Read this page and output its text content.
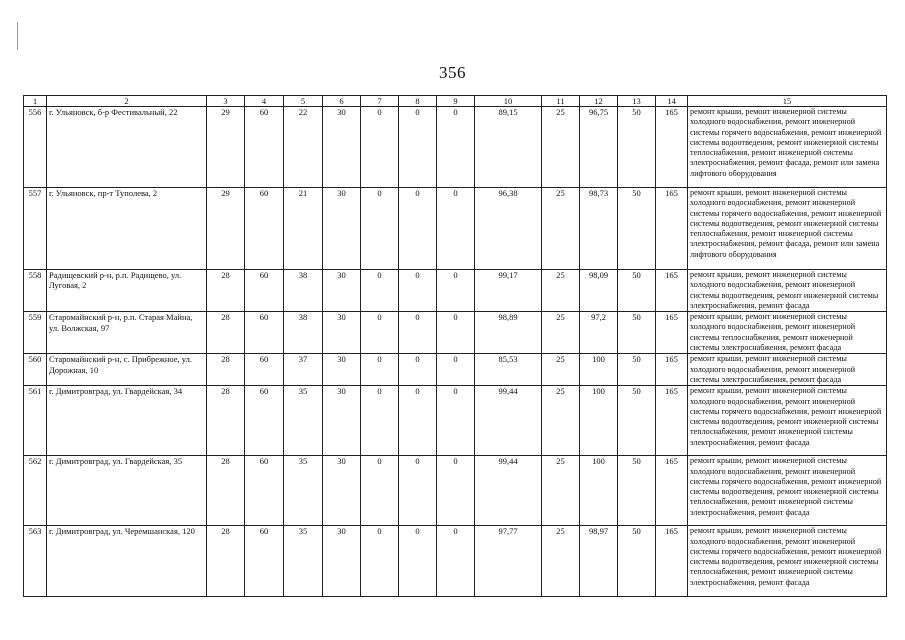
356
1	2	3	4	5	6	7	8	9	10	11	12	13	14	15
556	г. Ульяновск, б-р Фестивальный, 22	29	60	22	30	0	0	0	89,15	25	96,75	50	165	ремонт крыши, ремонт инженерной системы холодного водоснабжения, ремонт инженерной системы горячего водоснабжения, ремонт инженерной системы водоотведения, ремонт инженерной системы теплоснабжения, ремонт инженерной системы электроснабжения, ремонт фасада, ремонт или замена лифтового оборудования
557	г. Ульяновск, пр-т Туполева, 2	29	60	21	30	0	0	0	96,38	25	98,73	50	165	ремонт крыши, ремонт инженерной системы холодного водоснабжения, ремонт инженерной системы горячего водоснабжения, ремонт инженерной системы водоотведения, ремонт инженерной системы теплоснабжения, ремонт инженерной системы электроснабжения, ремонт фасада, ремонт или замена лифтового оборудования
558	Радищевский р-н, р.п. Радищево, ул. Луговая, 2	28	60	38	30	0	0	0	99,17	25	98,09	50	165	ремонт крыши, ремонт инженерной системы холодного водоснабжения, ремонт инженерной системы водоотведения, ремонт инженерной системы электроснабжения, ремонт фасада
559	Старомайнский р-н, р.п. Старая Майна, ул. Волжская, 97	28	60	38	30	0	0	0	98,89	25	97,2	50	165	ремонт крыши, ремонт инженерной системы холодного водоснабжения, ремонт инженерной системы теплоснабжения, ремонт инженерной системы электроснабжения, ремонт фасада
560	Старомайнский р-н, с. Прибрежное, ул. Дорожная, 10	28	60	37	30	0	0	0	85,53	25	100	50	165	ремонт крыши, ремонт инженерной системы холодного водоснабжения, ремонт инженерной системы электроснабжения, ремонт фасада
561	г. Димитровград, ул. Гвардейская, 34	28	60	35	30	0	0	0	99,44	25	100	50	165	ремонт крыши, ремонт инженерной системы холодного водоснабжения, ремонт инженерной системы горячего водоснабжения, ремонт инженерной системы водоотведения, ремонт инженерной системы теплоснабжения, ремонт инженерной системы электроснабжения, ремонт фасада
562	г. Димитровград, ул. Гвардейская, 35	28	60	35	30	0	0	0	99,44	25	100	50	165	ремонт крыши, ремонт инженерной системы холодного водоснабжения, ремонт инженерной системы горячего водоснабжения, ремонт инженерной системы водоотведения, ремонт инженерной системы теплоснабжения, ремонт инженерной системы электроснабжения, ремонт фасада
563	г. Димитровград, ул. Черемшанская, 120	28	60	35	30	0	0	0	97,77	25	98,97	50	165	ремонт крыши, ремонт инженерной системы холодного водоснабжения, ремонт инженерной системы горячего водоснабжения, ремонт инженерной системы водоотведения, ремонт инженерной системы теплоснабжения, ремонт инженерной системы электроснабжения, ремонт фасада
